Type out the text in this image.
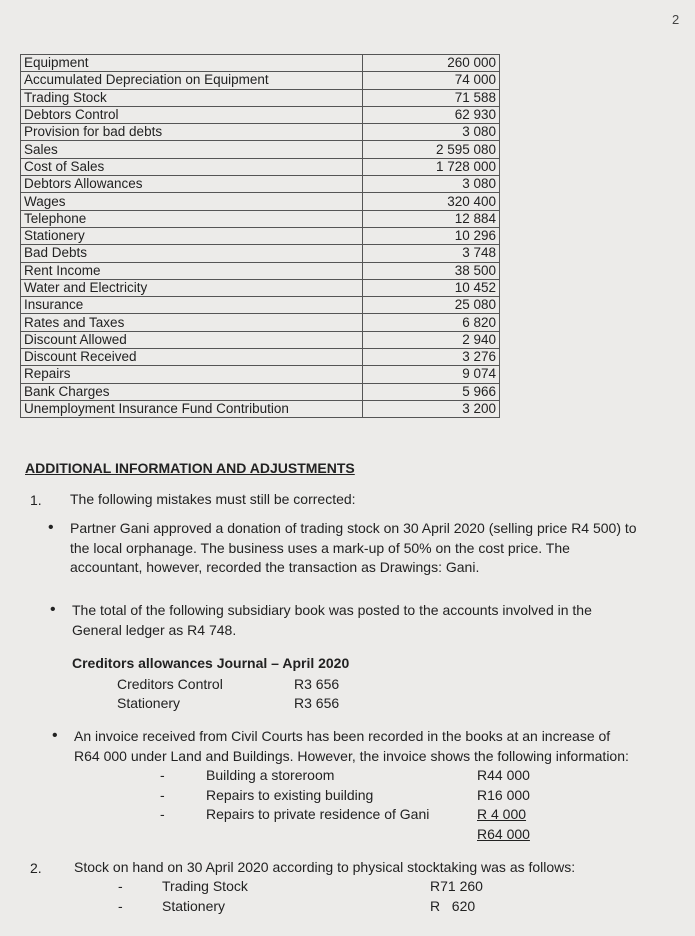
2
Equipment	260 000
Accumulated Depreciation on Equipment	74 000
Trading Stock	71 588
Debtors Control	62 930
Provision for bad debts	3 080
Sales	2 595 080
Cost of Sales	1 728 000
Debtors Allowances	3 080
Wages	320 400
Telephone	12 884
Stationery	10 296
Bad Debts	3 748
Rent Income	38 500
Water and Electricity	10 452
Insurance	25 080
Rates and Taxes	6 820
Discount Allowed	2 940
Discount Received	3 276
Repairs	9 074
Bank Charges	5 966
Unemployment Insurance Fund Contribution	3 200
ADDITIONAL INFORMATION AND ADJUSTMENTS
1. The following mistakes must still be corrected:
• Partner Gani approved a donation of trading stock on 30 April 2020 (selling price R4 500) to
the local orphanage. The business uses a mark-up of 50% on the cost price. The
accountant, however, recorded the transaction as Drawings: Gani.
• The total of the following subsidiary book was posted to the accounts involved in the
General ledger as R4 748.
Creditors allowances Journal – April 2020
Creditors Control	R3 656
Stationery	R3 656
• An invoice received from Civil Courts has been recorded in the books at an increase of
R64 000 under Land and Buildings. However, the invoice shows the following information:
-	Building a storeroom	R44 000
-	Repairs to existing building	R16 000
-	Repairs to private residence of Gani	R 4 000
R64 000
2. Stock on hand on 30 April 2020 according to physical stocktaking was as follows:
-	Trading Stock	R71 260
-	Stationery	R   620
